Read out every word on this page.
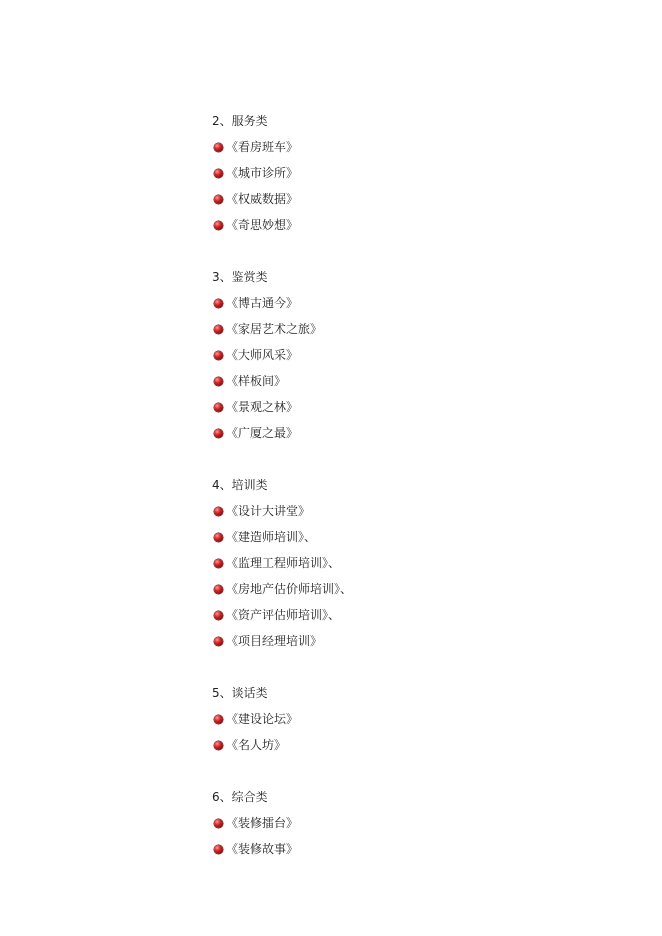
2、服务类
《看房班车》
《城市诊所》
《权威数据》
《奇思妙想》
3、鉴赏类
《博古通今》
《家居艺术之旅》
《大师风采》
《样板间》
《景观之林》
《广厦之最》
4、培训类
《设计大讲堂》
《建造师培训》、
《监理工程师培训》、
《房地产估价师培训》、
《资产评估师培训》、
《项目经理培训》
5、谈话类
《建设论坛》
《名人坊》
6、综合类
《装修擂台》
《装修故事》
